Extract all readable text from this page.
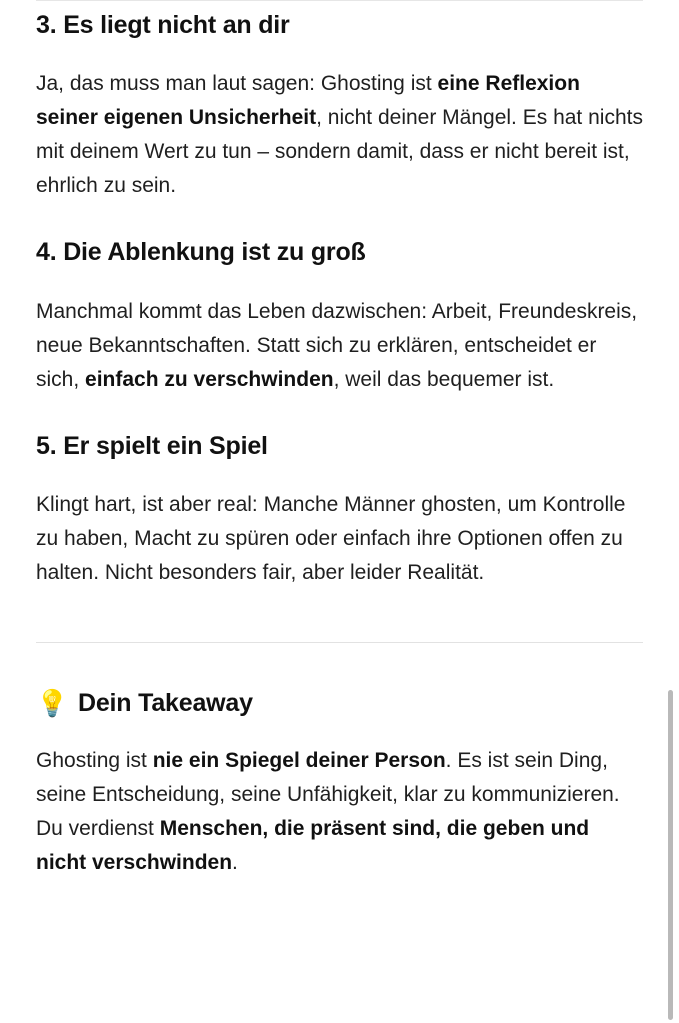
3. Es liegt nicht an dir

Ja, das muss man laut sagen: Ghosting ist eine Reflexion seiner eigenen Unsicherheit, nicht deiner Mängel. Es hat nichts mit deinem Wert zu tun – sondern damit, dass er nicht bereit ist, ehrlich zu sein.

4. Die Ablenkung ist zu groß

Manchmal kommt das Leben dazwischen: Arbeit, Freundeskreis, neue Bekanntschaften. Statt sich zu erklären, entscheidet er sich, einfach zu verschwinden, weil das bequemer ist.

5. Er spielt ein Spiel

Klingt hart, ist aber real: Manche Männer ghosten, um Kontrolle zu haben, Macht zu spüren oder einfach ihre Optionen offen zu halten. Nicht besonders fair, aber leider Realität.

💡 Dein Takeaway

Ghosting ist nie ein Spiegel deiner Person. Es ist sein Ding, seine Entscheidung, seine Unfähigkeit, klar zu kommunizieren. Du verdienst Menschen, die präsent sind, die geben und nicht verschwinden.
